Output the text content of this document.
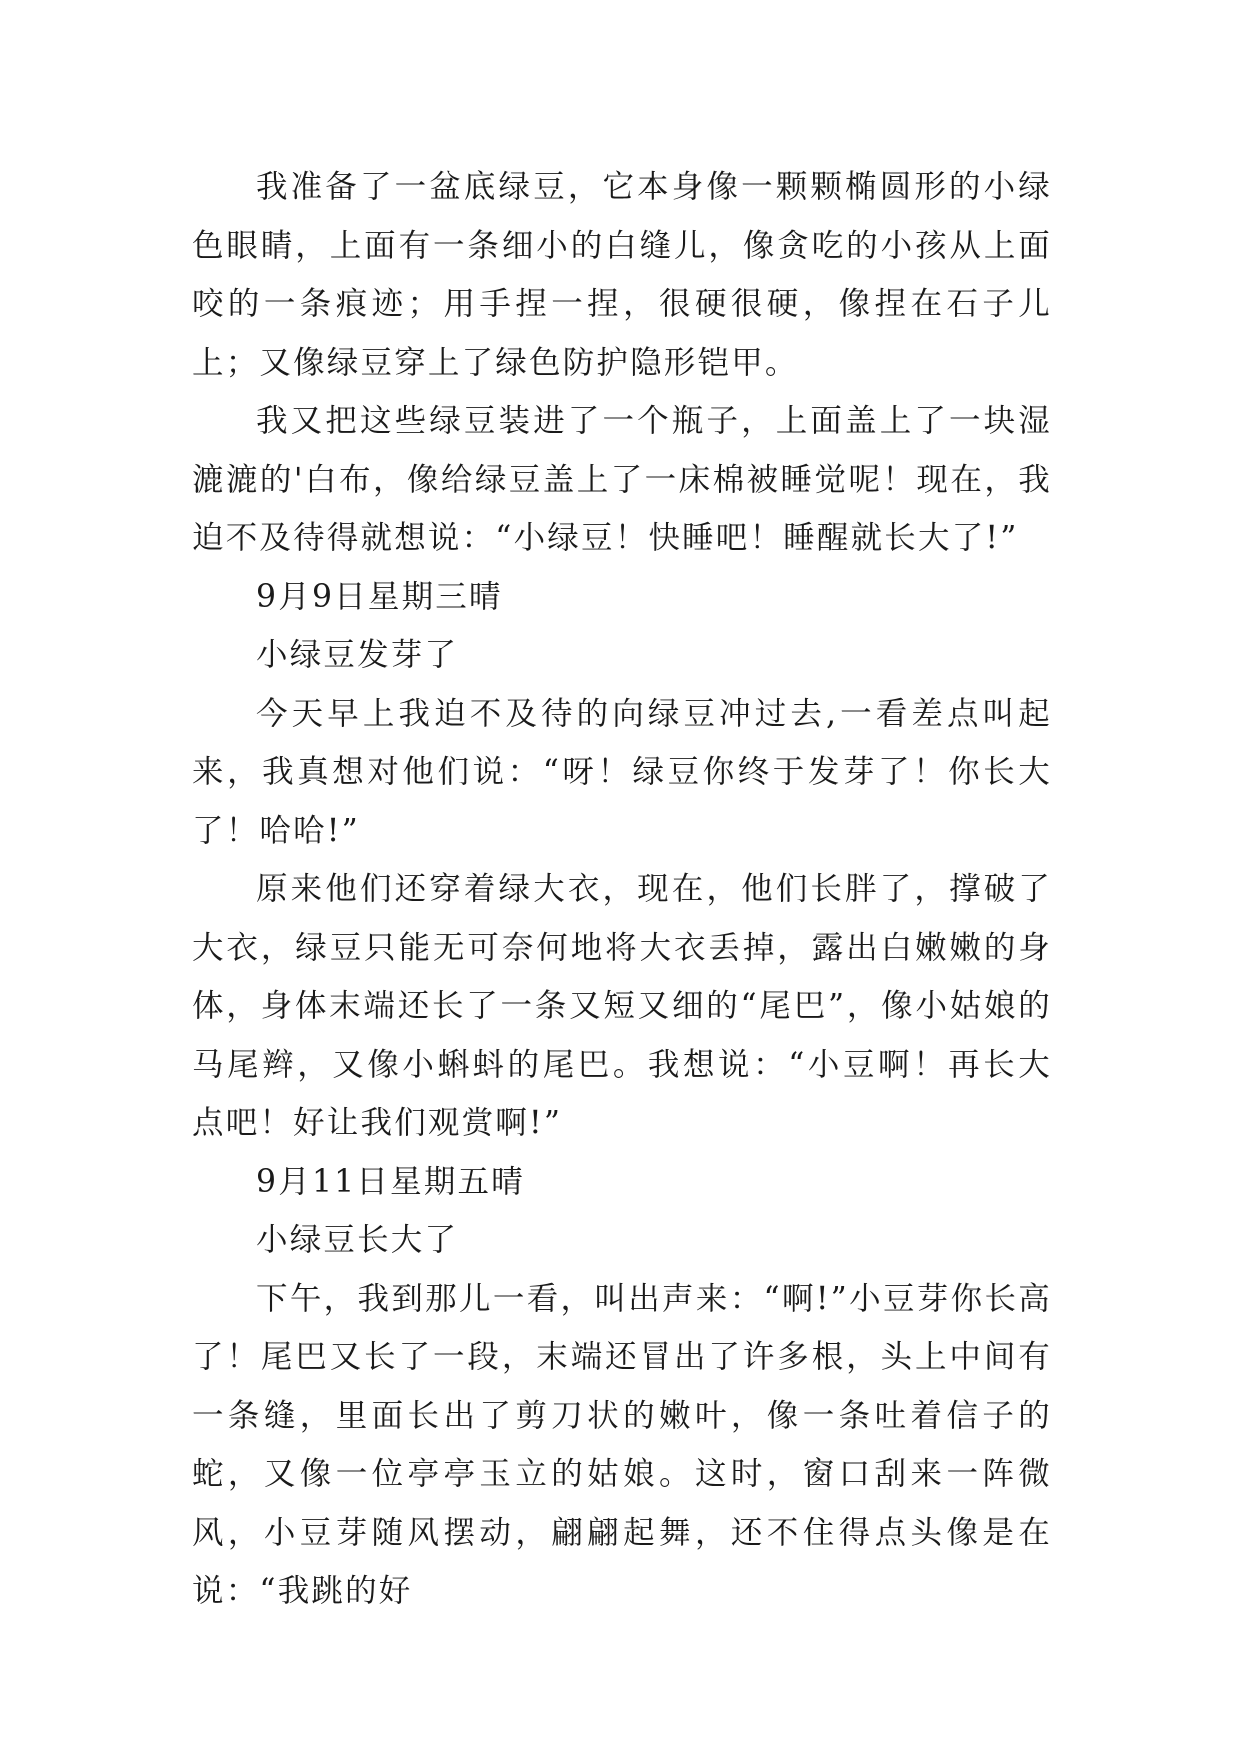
我准备了一盆底绿豆，它本身像一颗颗椭圆形的小绿色眼睛，上面有一条细小的白缝儿，像贪吃的小孩从上面咬的一条痕迹；用手捏一捏，很硬很硬，像捏在石子儿上；又像绿豆穿上了绿色防护隐形铠甲。

我又把这些绿豆装进了一个瓶子，上面盖上了一块湿漉漉的'白布，像给绿豆盖上了一床棉被睡觉呢！现在，我迫不及待得就想说：“小绿豆！快睡吧！睡醒就长大了!”

9月9日星期三晴

小绿豆发芽了

今天早上我迫不及待的向绿豆冲过去,一看差点叫起来，我真想对他们说：“呀！绿豆你终于发芽了！你长大了！哈哈!”

原来他们还穿着绿大衣，现在，他们长胖了，撑破了大衣，绿豆只能无可奈何地将大衣丢掉，露出白嫩嫩的身体，身体末端还长了一条又短又细的“尾巴”，像小姑娘的马尾辫，又像小蝌蚪的尾巴。我想说：“小豆啊！再长大点吧！好让我们观赏啊!”

9月11日星期五晴

小绿豆长大了

下午，我到那儿一看，叫出声来：“啊!”小豆芽你长高了！尾巴又长了一段，末端还冒出了许多根，头上中间有一条缝，里面长出了剪刀状的嫩叶，像一条吐着信子的蛇，又像一位亭亭玉立的姑娘。这时，窗口刮来一阵微风，小豆芽随风摆动，翩翩起舞，还不住得点头像是在说：“我跳的好
